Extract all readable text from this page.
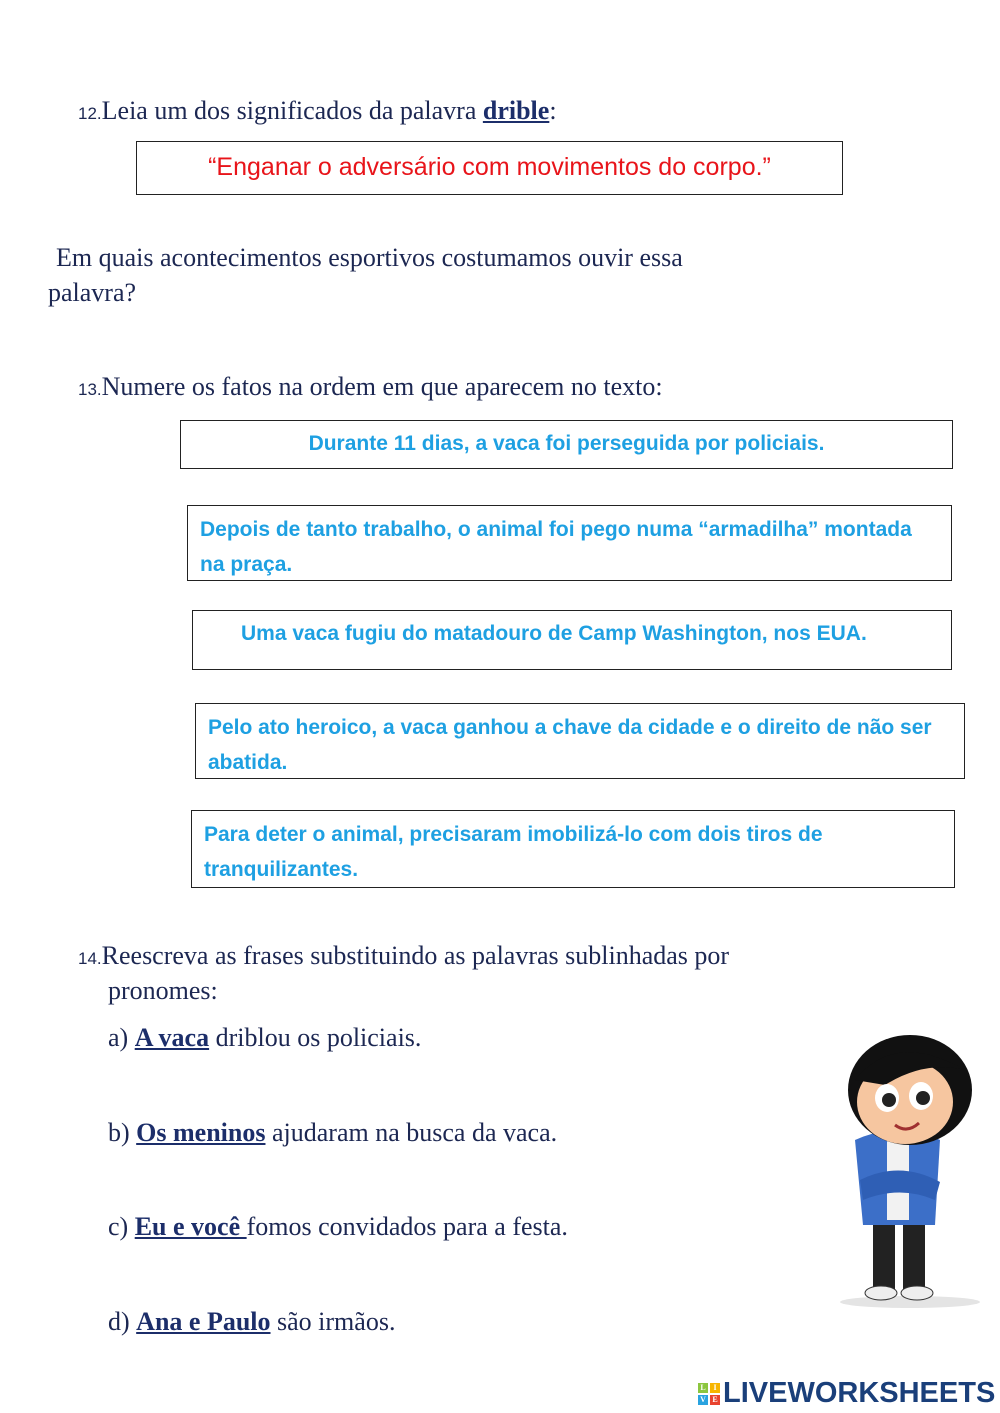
12.Leia um dos significados da palavra drible:
“Enganar o adversário com movimentos do corpo.”
Em quais acontecimentos esportivos costumamos ouvir essa
palavra?
13.Numere os fatos na ordem em que aparecem no texto:
Durante 11 dias, a vaca foi perseguida por policiais.
Depois de tanto trabalho, o animal foi pego numa “armadilha” montada na praça.
Uma vaca fugiu do matadouro de Camp Washington, nos EUA.
Pelo ato heroico, a vaca ganhou a chave da cidade e o direito de não ser abatida.
Para deter o animal, precisaram imobilizá-lo com dois tiros de tranquilizantes.
14.Reescreva as frases substituindo as palavras sublinhadas por
pronomes:
a) A vaca driblou os policiais.
b) Os meninos ajudaram na busca da vaca.
c) Eu e você fomos convidados para a festa.
d) Ana e Paulo são irmãos.
L IV E LIVEWORKSHEETS
